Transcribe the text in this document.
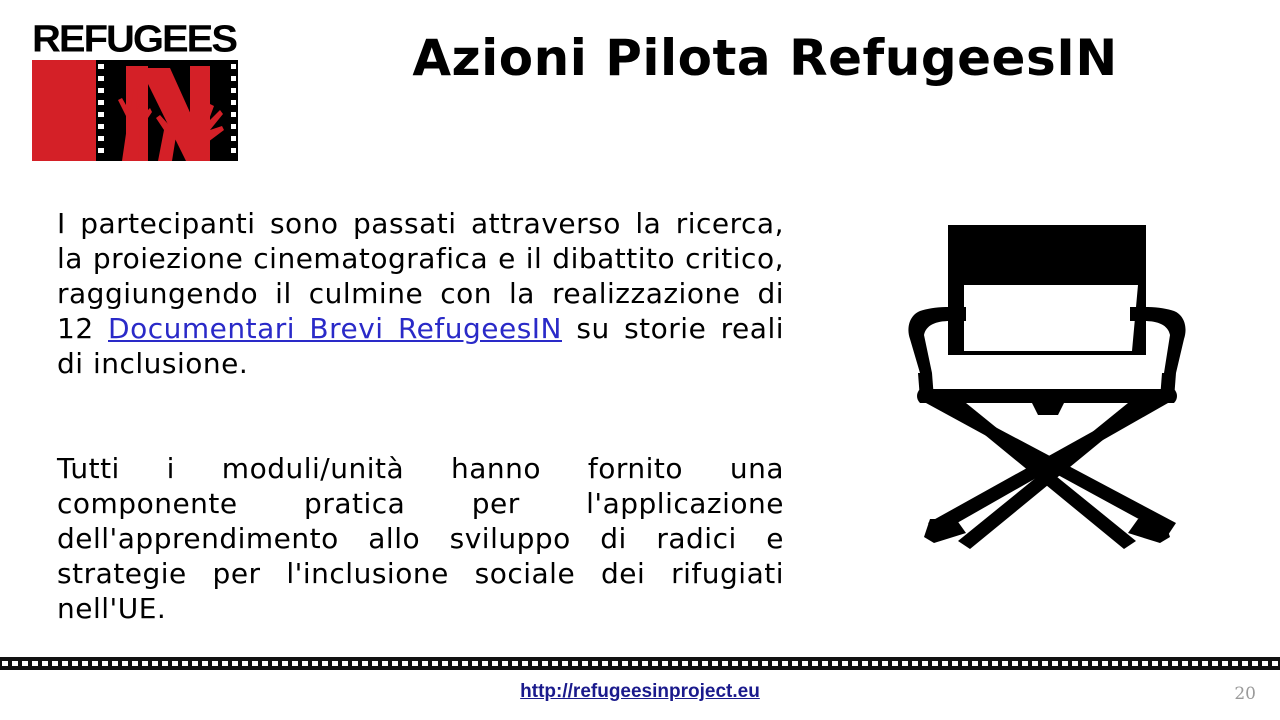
REFUGEES	Azioni Pilota RefugeesIN

I partecipanti sono passati attraverso la ricerca, la proiezione cinematografica e il dibattito critico, raggiungendo il culmine con la realizzazione di 12 Documentari Brevi RefugeesIN su storie reali di inclusione.

Tutti i moduli/unità hanno fornito una componente pratica per l'applicazione dell'apprendimento allo sviluppo di radici e strategie per l'inclusione sociale dei rifugiati nell'UE.

http://refugeesinproject.eu	20
